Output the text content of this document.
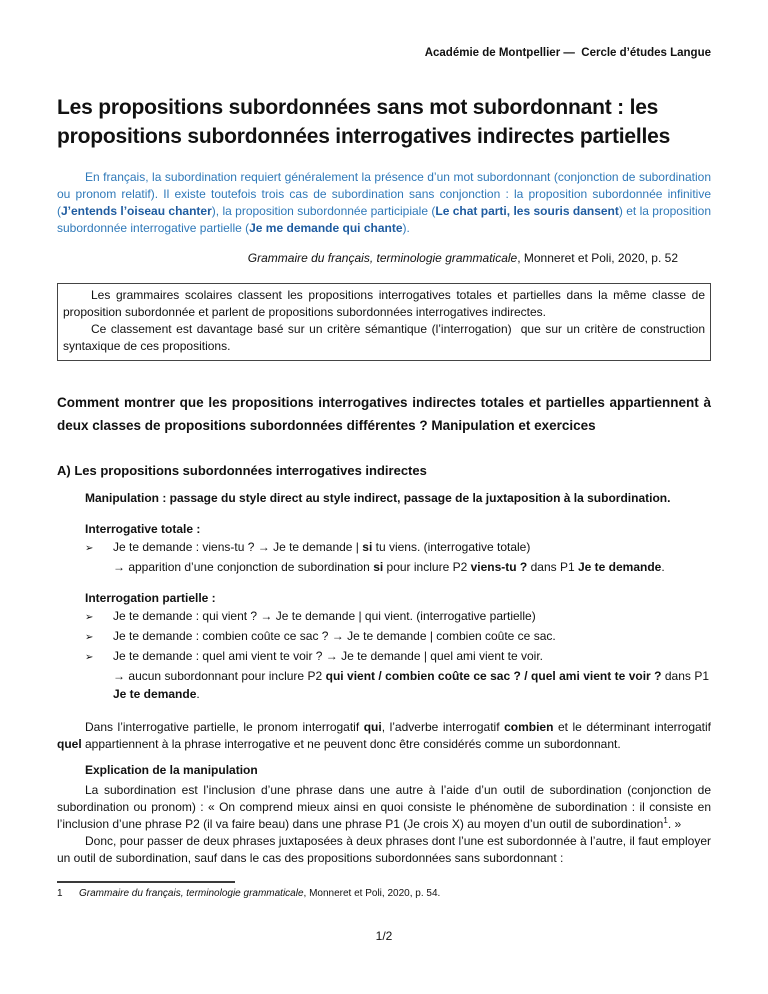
Académie de Montpellier —  Cercle d’études Langue
Les propositions subordonnées sans mot subordonnant : les propositions subordonnées interrogatives indirectes partielles

En français, la subordination requiert généralement la présence d’un mot subordonnant (conjonction de subordination ou pronom relatif). Il existe toutefois trois cas de subordination sans conjonction : la proposition subordonnée infinitive (J’entends l’oiseau chanter), la proposition subordonnée participiale (Le chat parti, les souris dansent) et la proposition subordonnée interrogative partielle (Je me demande qui chante).

Grammaire du français, terminologie grammaticale, Monneret et Poli, 2020, p. 52

Les grammaires scolaires classent les propositions interrogatives totales et partielles dans la même classe de proposition subordonnée et parlent de propositions subordonnées interrogatives indirectes.

Ce classement est davantage basé sur un critère sémantique (l’interrogation)  que sur un critère de construction syntaxique de ces propositions.

Comment montrer que les propositions interrogatives indirectes totales et partielles appartiennent à deux classes de propositions subordonnées différentes ? Manipulation et exercices
A) Les propositions subordonnées interrogatives indirectes

Manipulation : passage du style direct au style indirect, passage de la juxtaposition à la subordination.

Interrogative totale :

➢	Je te demande : viens-tu ? → Je te demande | si tu viens. (interrogative totale)

→ apparition d’une conjonction de subordination si pour inclure P2 viens-tu ? dans P1 Je te demande.

Interrogation partielle :

➢	Je te demande : qui vient ? → Je te demande | qui vient. (interrogative partielle)
➢	Je te demande : combien coûte ce sac ? → Je te demande | combien coûte ce sac.
➢	Je te demande : quel ami vient te voir ? → Je te demande | quel ami vient te voir.

→ aucun subordonnant pour inclure P2 qui vient / combien coûte ce sac ? / quel ami vient te voir ? dans P1 Je te demande.

Dans l’interrogative partielle, le pronom interrogatif qui, l’adverbe interrogatif combien et le déterminant interrogatif quel appartiennent à la phrase interrogative et ne peuvent donc être considérés comme un subordonnant.

Explication de la manipulation

La subordination est l’inclusion d’une phrase dans une autre à l’aide d’un outil de subordination (conjonction de subordination ou pronom) : « On comprend mieux ainsi en quoi consiste le phénomène de subordination : il consiste en l’inclusion d’une phrase P2 (il va faire beau) dans une phrase P1 (Je crois X) au moyen d’un outil de subordination$^1$. »

Donc, pour passer de deux phrases juxtaposées à deux phrases dont l’une est subordonnée à l’autre, il faut employer un outil de subordination, sauf dans le cas des propositions subordonnées sans subordonnant :

1	Grammaire du français, terminologie grammaticale, Monneret et Poli, 2020, p. 54.
1/2
